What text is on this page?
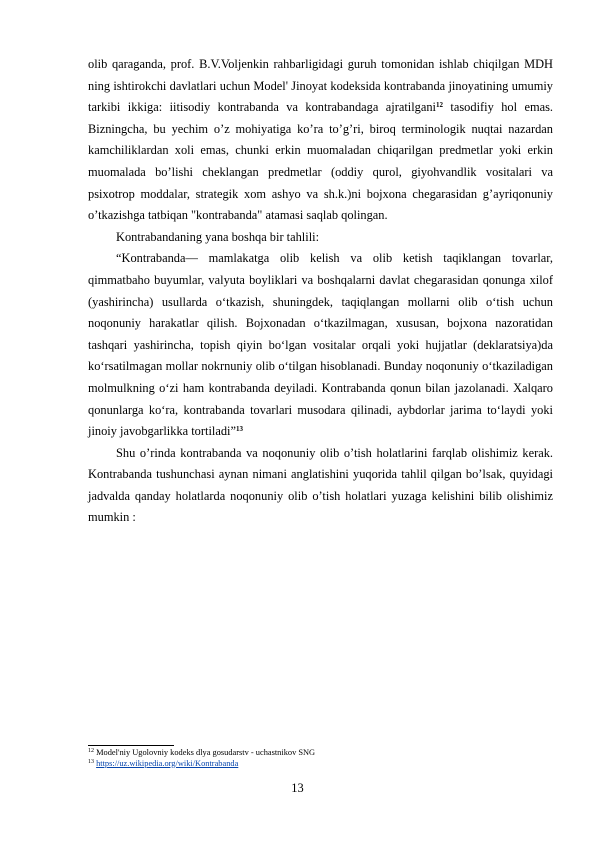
olib qaraganda, prof. B.V.Voljenkin rahbarligidagi guruh tomonidan ishlab chiqilgan MDH ning ishtirokchi davlatlari uchun Model' Jinoyat kodeksida kontrabanda jinoyatining umumiy tarkibi ikkiga: iitisodiy kontrabanda va kontrabandaga ajratilgani$^{12}$ tasodifiy hol emas. Bizningcha, bu yechim o’z mohiyatiga ko’ra to’g’ri, biroq terminologik nuqtai nazardan kamchiliklardan xoli emas, chunki erkin muomaladan chiqarilgan predmetlar yoki erkin muomalada bo’lishi cheklangan predmetlar (oddiy qurol, giyohvandlik vositalari va psixotrop moddalar, strategik xom ashyo va sh.k.)ni bojxona chegarasidan g’ayriqonuniy o’tkazishga tatbiqan "kontrabanda" atamasi saqlab qolingan.

Kontrabandaning yana boshqa bir tahlili:

“Kontrabanda— mamlakatga olib kelish va olib ketish taqiklangan tovarlar, qimmatbaho buyumlar, valyuta boyliklari va boshqalarni davlat chegarasidan qonunga xilof (yashirincha) usullarda o‘tkazish, shuningdek, taqiqlangan mollarni olib o‘tish uchun noqonuniy harakatlar qilish. Bojxonadan o‘tkazilmagan, xususan, bojxona nazoratidan tashqari yashirincha, topish qiyin bo‘lgan vositalar orqali yoki hujjatlar (deklaratsiya)da ko‘rsatilmagan mollar nokrnuniy olib o‘tilgan hisoblanadi. Bunday noqonuniy o‘tkaziladigan molmulkning o‘zi ham kontrabanda deyiladi. Kontrabanda qonun bilan jazolanadi. Xalqaro qonunlarga ko‘ra, kontrabanda tovarlari musodara qilinadi, aybdorlar jarima to‘laydi yoki jinoiy javobgarlikka tortiladi”$^{13}$

Shu o’rinda kontrabanda va noqonuniy olib o’tish holatlarini farqlab olishimiz kerak. Kontrabanda tushunchasi aynan nimani anglatishini yuqorida tahlil qilgan bo’lsak, quyidagi jadvalda qanday holatlarda noqonuniy olib o’tish holatlari yuzaga kelishini bilib olishimiz mumkin :

$^{12}$ Model'niy Ugolovniy kodeks dlya gosudarstv - uchastnikov SNG
$^{13}$ https://uz.wikipedia.org/wiki/Kontrabanda
13
